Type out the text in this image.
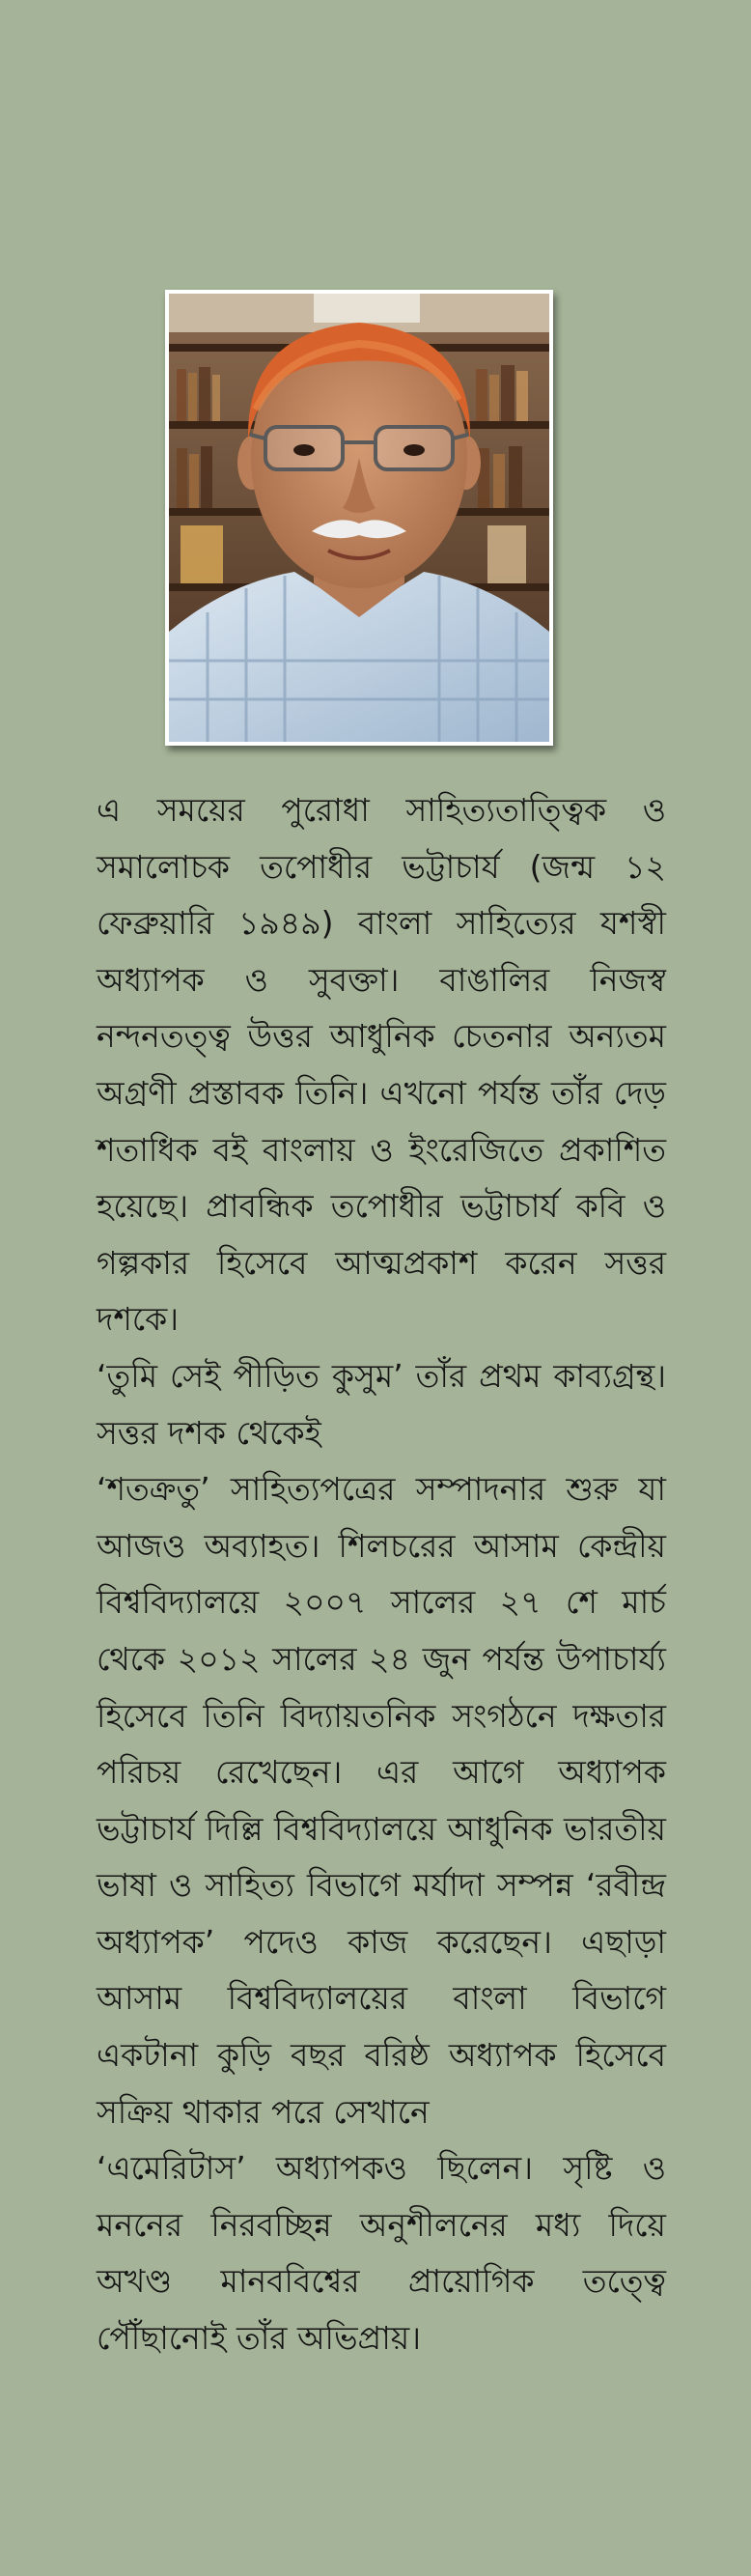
এ সময়ের পুরোধা সাহিত্যতাত্ত্বিক ও সমালোচক তপোধীর ভট্টাচার্য (জন্ম ১২ ফেব্রুয়ারি ১৯৪৯) বাংলা সাহিত্যের যশস্বী অধ্যাপক ও সুবক্তা। বাঙালির নিজস্ব নন্দনতত্ত্ব উত্তর আধুনিক চেতনার অন্যতম অগ্রণী প্রস্তাবক তিনি। এখনো পর্যন্ত তাঁর দেড় শতাধিক বই বাংলায় ও ইংরেজিতে প্রকাশিত হয়েছে। প্রাবন্ধিক তপোধীর ভট্টাচার্য কবি ও গল্পকার হিসেবে আত্মপ্রকাশ করেন সত্তর দশকে।

‘তুমি সেই পীড়িত কুসুম’ তাঁর প্রথম কাব্যগ্রন্থ। সত্তর দশক থেকেই

‘শতক্রতু’ সাহিত্যপত্রের সম্পাদনার শুরু যা আজও অব্যাহত। শিলচরের আসাম কেন্দ্রীয় বিশ্ববিদ্যালয়ে ২০০৭ সালের ২৭ শে মার্চ থেকে ২০১২ সালের ২৪ জুন পর্যন্ত উপাচার্য্য হিসেবে তিনি বিদ্যায়তনিক সংগঠনে দক্ষতার পরিচয় রেখেছেন। এর আগে অধ্যাপক ভট্টাচার্য দিল্লি বিশ্ববিদ্যালয়ে আধুনিক ভারতীয় ভাষা ও সাহিত্য বিভাগে মর্যাদা সম্পন্ন ‘রবীন্দ্র অধ্যাপক’ পদেও কাজ করেছেন। এছাড়া আসাম বিশ্ববিদ্যালয়ের বাংলা বিভাগে একটানা কুড়ি বছর বরিষ্ঠ অধ্যাপক হিসেবে সক্রিয় থাকার পরে সেখানে

‘এমেরিটাস’ অধ্যাপকও ছিলেন। সৃষ্টি ও মননের নিরবচ্ছিন্ন অনুশীলনের মধ্য দিয়ে অখণ্ড মানববিশ্বের প্রায়োগিক তত্ত্বে পৌঁছানোই তাঁর অভিপ্রায়।
